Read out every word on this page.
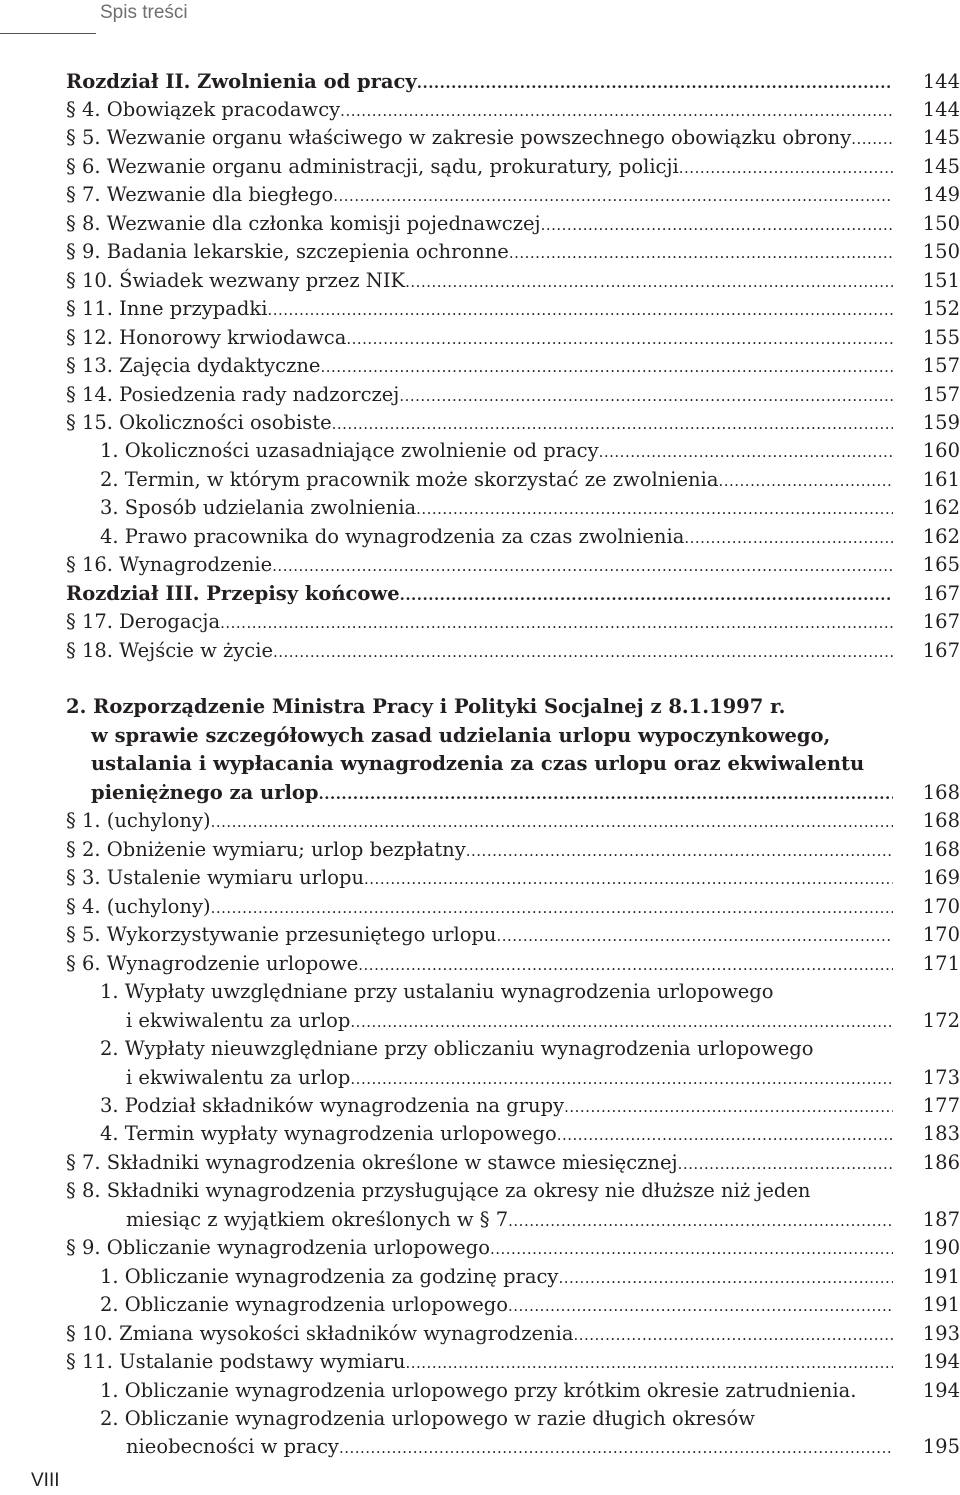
Spis treści
Rozdział II. Zwolnienia od pracy .....	144
§ 4. Obowiązek pracodawcy .....	144
§ 5. Wezwanie organu właściwego w zakresie powszechnego obowiązku obrony .....	145
§ 6. Wezwanie organu administracji, sądu, prokuratury, policji .....	145
§ 7. Wezwanie dla biegłego .....	149
§ 8. Wezwanie dla członka komisji pojednawczej .....	150
§ 9. Badania lekarskie, szczepienia ochronne .....	150
§ 10. Świadek wezwany przez NIK .....	151
§ 11. Inne przypadki .....	152
§ 12. Honorowy krwiodawca .....	155
§ 13. Zajęcia dydaktyczne .....	157
§ 14. Posiedzenia rady nadzorczej .....	157
§ 15. Okoliczności osobiste .....	159
1. Okoliczności uzasadniające zwolnienie od pracy .....	160
2. Termin, w którym pracownik może skorzystać ze zwolnienia .....	161
3. Sposób udzielania zwolnienia .....	162
4. Prawo pracownika do wynagrodzenia za czas zwolnienia .....	162
§ 16. Wynagrodzenie .....	165
Rozdział III. Przepisy końcowe .....	167
§ 17. Derogacja .....	167
§ 18. Wejście w życie .....	167
2. Rozporządzenie Ministra Pracy i Polityki Socjalnej z 8.1.1997 r.
w sprawie szczegółowych zasad udzielania urlopu wypoczynkowego,
ustalania i wypłacania wynagrodzenia za czas urlopu oraz ekwiwalentu
pieniężnego za urlop .....	168
§ 1. (uchylony) .....	168
§ 2. Obniżenie wymiaru; urlop bezpłatny .....	168
§ 3. Ustalenie wymiaru urlopu .....	169
§ 4. (uchylony) .....	170
§ 5. Wykorzystywanie przesuniętego urlopu .....	170
§ 6. Wynagrodzenie urlopowe .....	171
1. Wypłaty uwzględniane przy ustalaniu wynagrodzenia urlopowego
i ekwiwalentu za urlop .....	172
2. Wypłaty nieuwzględniane przy obliczaniu wynagrodzenia urlopowego
i ekwiwalentu za urlop .....	173
3. Podział składników wynagrodzenia na grupy .....	177
4. Termin wypłaty wynagrodzenia urlopowego .....	183
§ 7. Składniki wynagrodzenia określone w stawce miesięcznej .....	186
§ 8. Składniki wynagrodzenia przysługujące za okresy nie dłuższe niż jeden
miesiąc z wyjątkiem określonych w § 7 .....	187
§ 9. Obliczanie wynagrodzenia urlopowego .....	190
1. Obliczanie wynagrodzenia za godzinę pracy .....	191
2. Obliczanie wynagrodzenia urlopowego .....	191
§ 10. Zmiana wysokości składników wynagrodzenia .....	193
§ 11. Ustalanie podstawy wymiaru .....	194
1. Obliczanie wynagrodzenia urlopowego przy krótkim okresie zatrudnienia.	194
2. Obliczanie wynagrodzenia urlopowego w razie długich okresów
nieobecności w pracy .....	195
VIII
